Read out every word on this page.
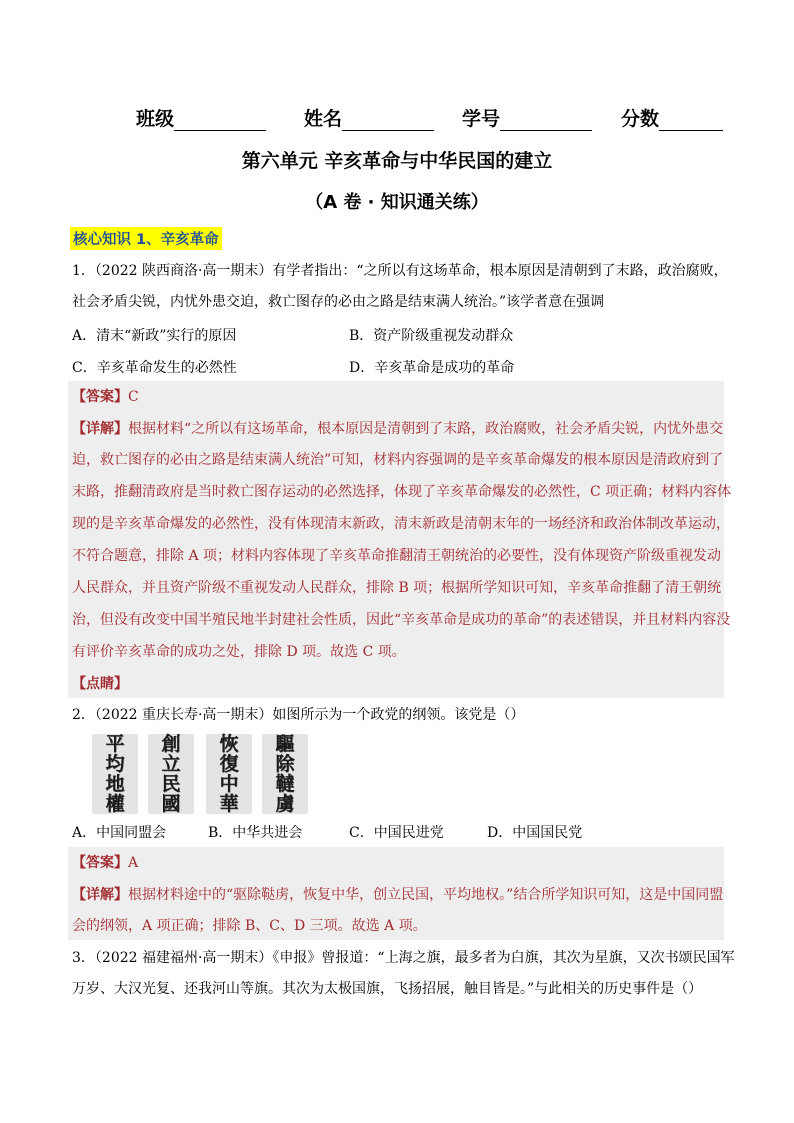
班级	姓名	学号	分数
第六单元 辛亥革命与中华民国的建立
（A 卷 · 知识通关练）
核心知识 1、辛亥革命
1．（2022 陕西商洛·高一期末）有学者指出：“之所以有这场革命，根本原因是清朝到了末路，政治腐败，
社会矛盾尖锐，内忧外患交迫，救亡图存的必由之路是结束满人统治。”该学者意在强调
A．清末“新政”实行的原因	B．资产阶级重视发动群众
C．辛亥革命发生的必然性	D．辛亥革命是成功的革命
【答案】C
【详解】根据材料“之所以有这场革命，根本原因是清朝到了末路，政治腐败，社会矛盾尖锐，内忧外患交
迫，救亡图存的必由之路是结束满人统治”可知，材料内容强调的是辛亥革命爆发的根本原因是清政府到了
末路，推翻清政府是当时救亡图存运动的必然选择，体现了辛亥革命爆发的必然性，C 项正确；材料内容体
现的是辛亥革命爆发的必然性，没有体现清末新政，清末新政是清朝末年的一场经济和政治体制改革运动，
不符合题意，排除 A 项；材料内容体现了辛亥革命推翻清王朝统治的必要性，没有体现资产阶级重视发动
人民群众，并且资产阶级不重视发动人民群众，排除 B 项；根据所学知识可知，辛亥革命推翻了清王朝统
治，但没有改变中国半殖民地半封建社会性质，因此“辛亥革命是成功的革命”的表述错误，并且材料内容没
有评价辛亥革命的成功之处，排除 D 项。故选 C 项。
【点睛】
2．（2022 重庆长寿·高一期末）如图所示为一个政党的纲领。该党是（）
平
均
地
權
創
立
民
國
恢
復
中
華
驅
除
韃
虜
A．中国同盟会	B．中华共进会	C．中国民进党	D．中国国民党
【答案】A
【详解】根据材料途中的“驱除鞑虏，恢复中华，创立民国，平均地权。”结合所学知识可知，这是中国同盟
会的纲领，A 项正确；排除 B、C、D 三项。故选 A 项。
3．（2022 福建福州·高一期末）《申报》曾报道：“上海之旗，最多者为白旗，其次为星旗，又次书颂民国军
万岁、大汉光复、还我河山等旗。其次为太极国旗，飞扬招展，触目皆是。”与此相关的历史事件是（）
